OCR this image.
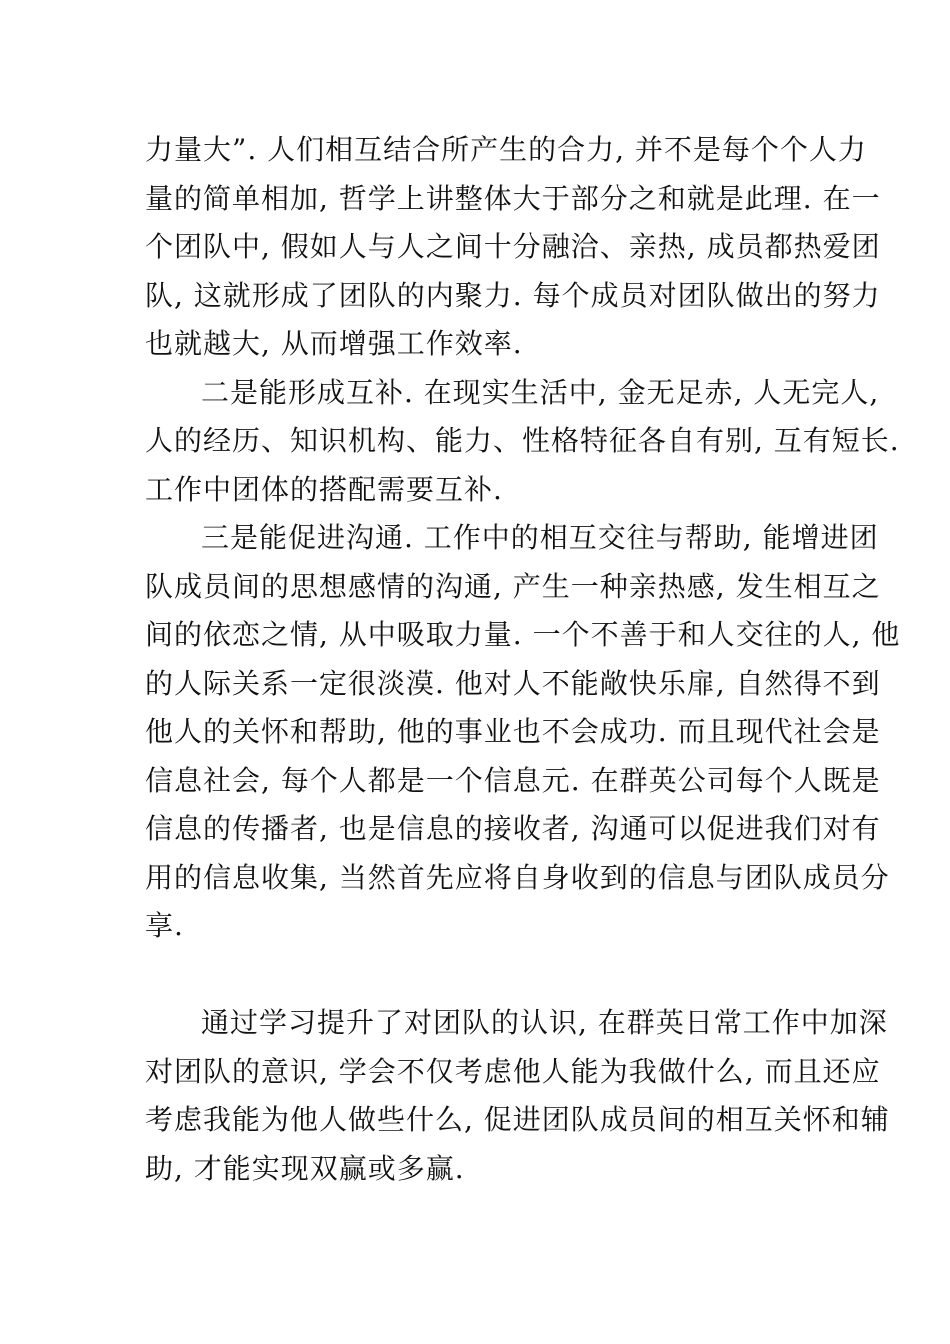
力量大”. 人们相互结合所产生的合力, 并不是每个个人力
量的简单相加, 哲学上讲整体大于部分之和就是此理. 在一
个团队中, 假如人与人之间十分融洽、亲热, 成员都热爱团
队, 这就形成了团队的内聚力. 每个成员对团队做出的努力
也就越大, 从而增强工作效率.

二是能形成互补. 在现实生活中, 金无足赤, 人无完人,
人的经历、知识机构、能力、性格特征各自有别, 互有短长.
工作中团体的搭配需要互补.

三是能促进沟通. 工作中的相互交往与帮助, 能增进团
队成员间的思想感情的沟通, 产生一种亲热感, 发生相互之
间的依恋之情, 从中吸取力量. 一个不善于和人交往的人, 他
的人际关系一定很淡漠. 他对人不能敞快乐扉, 自然得不到
他人的关怀和帮助, 他的事业也不会成功. 而且现代社会是
信息社会, 每个人都是一个信息元. 在群英公司每个人既是
信息的传播者, 也是信息的接收者, 沟通可以促进我们对有
用的信息收集, 当然首先应将自身收到的信息与团队成员分
享.

通过学习提升了对团队的认识, 在群英日常工作中加深
对团队的意识, 学会不仅考虑他人能为我做什么, 而且还应
考虑我能为他人做些什么, 促进团队成员间的相互关怀和辅
助, 才能实现双赢或多赢.
